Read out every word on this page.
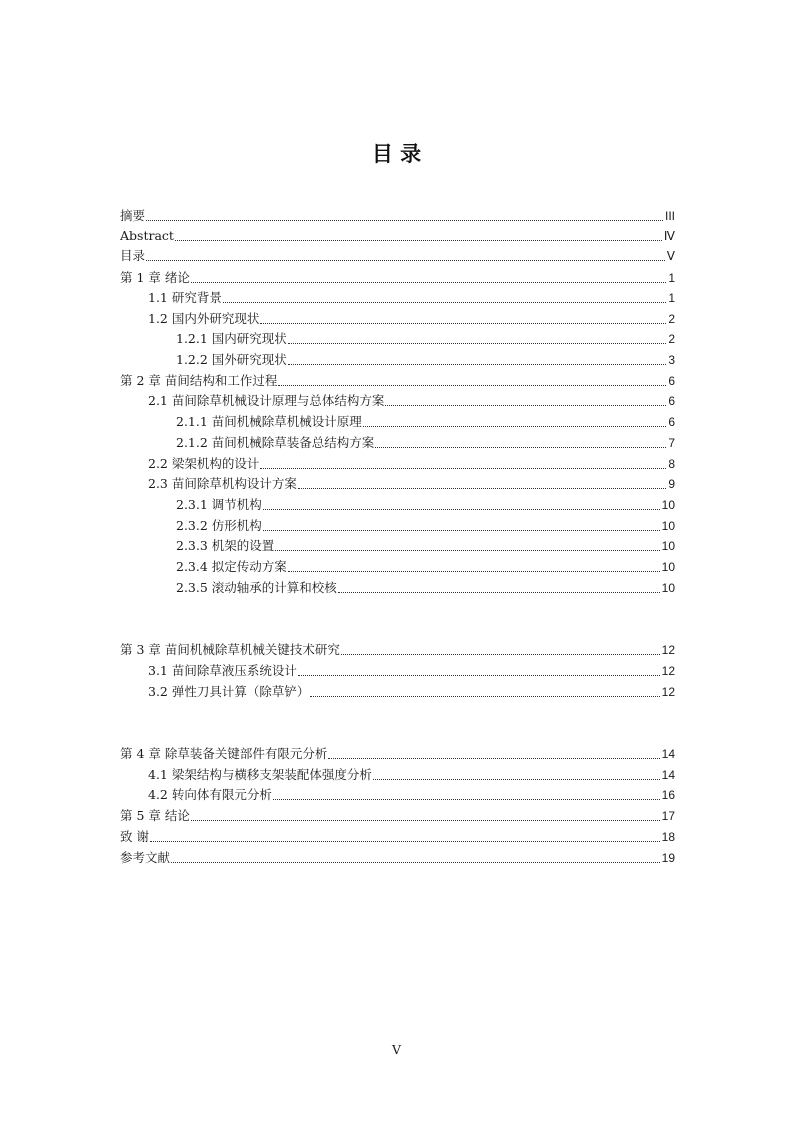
目 录
摘要	III
Abstract	Ⅳ
目录	Ⅴ
第 1 章 绪论	1
1.1 研究背景	1
1.2 国内外研究现状	2
1.2.1 国内研究现状	2
1.2.2 国外研究现状	3
第 2 章 苗间结构和工作过程	6
2.1 苗间除草机械设计原理与总体结构方案	6
2.1.1 苗间机械除草机械设计原理	6
2.1.2 苗间机械除草装备总结构方案	7
2.2 梁架机构的设计	8
2.3 苗间除草机构设计方案	9
2.3.1 调节机构	10
2.3.2 仿形机构	10
2.3.3 机架的设置	10
2.3.4 拟定传动方案	10
2.3.5 滚动轴承的计算和校核	10
第 3 章 苗间机械除草机械关键技术研究	12
3.1 苗间除草液压系统设计	12
3.2 弹性刀具计算（除草铲）	12
第 4 章 除草装备关键部件有限元分析	14
4.1 梁架结构与横移支架装配体强度分析	14
4.2 转向体有限元分析	16
第 5 章 结论	17
致 谢	18
参考文献	19
V
